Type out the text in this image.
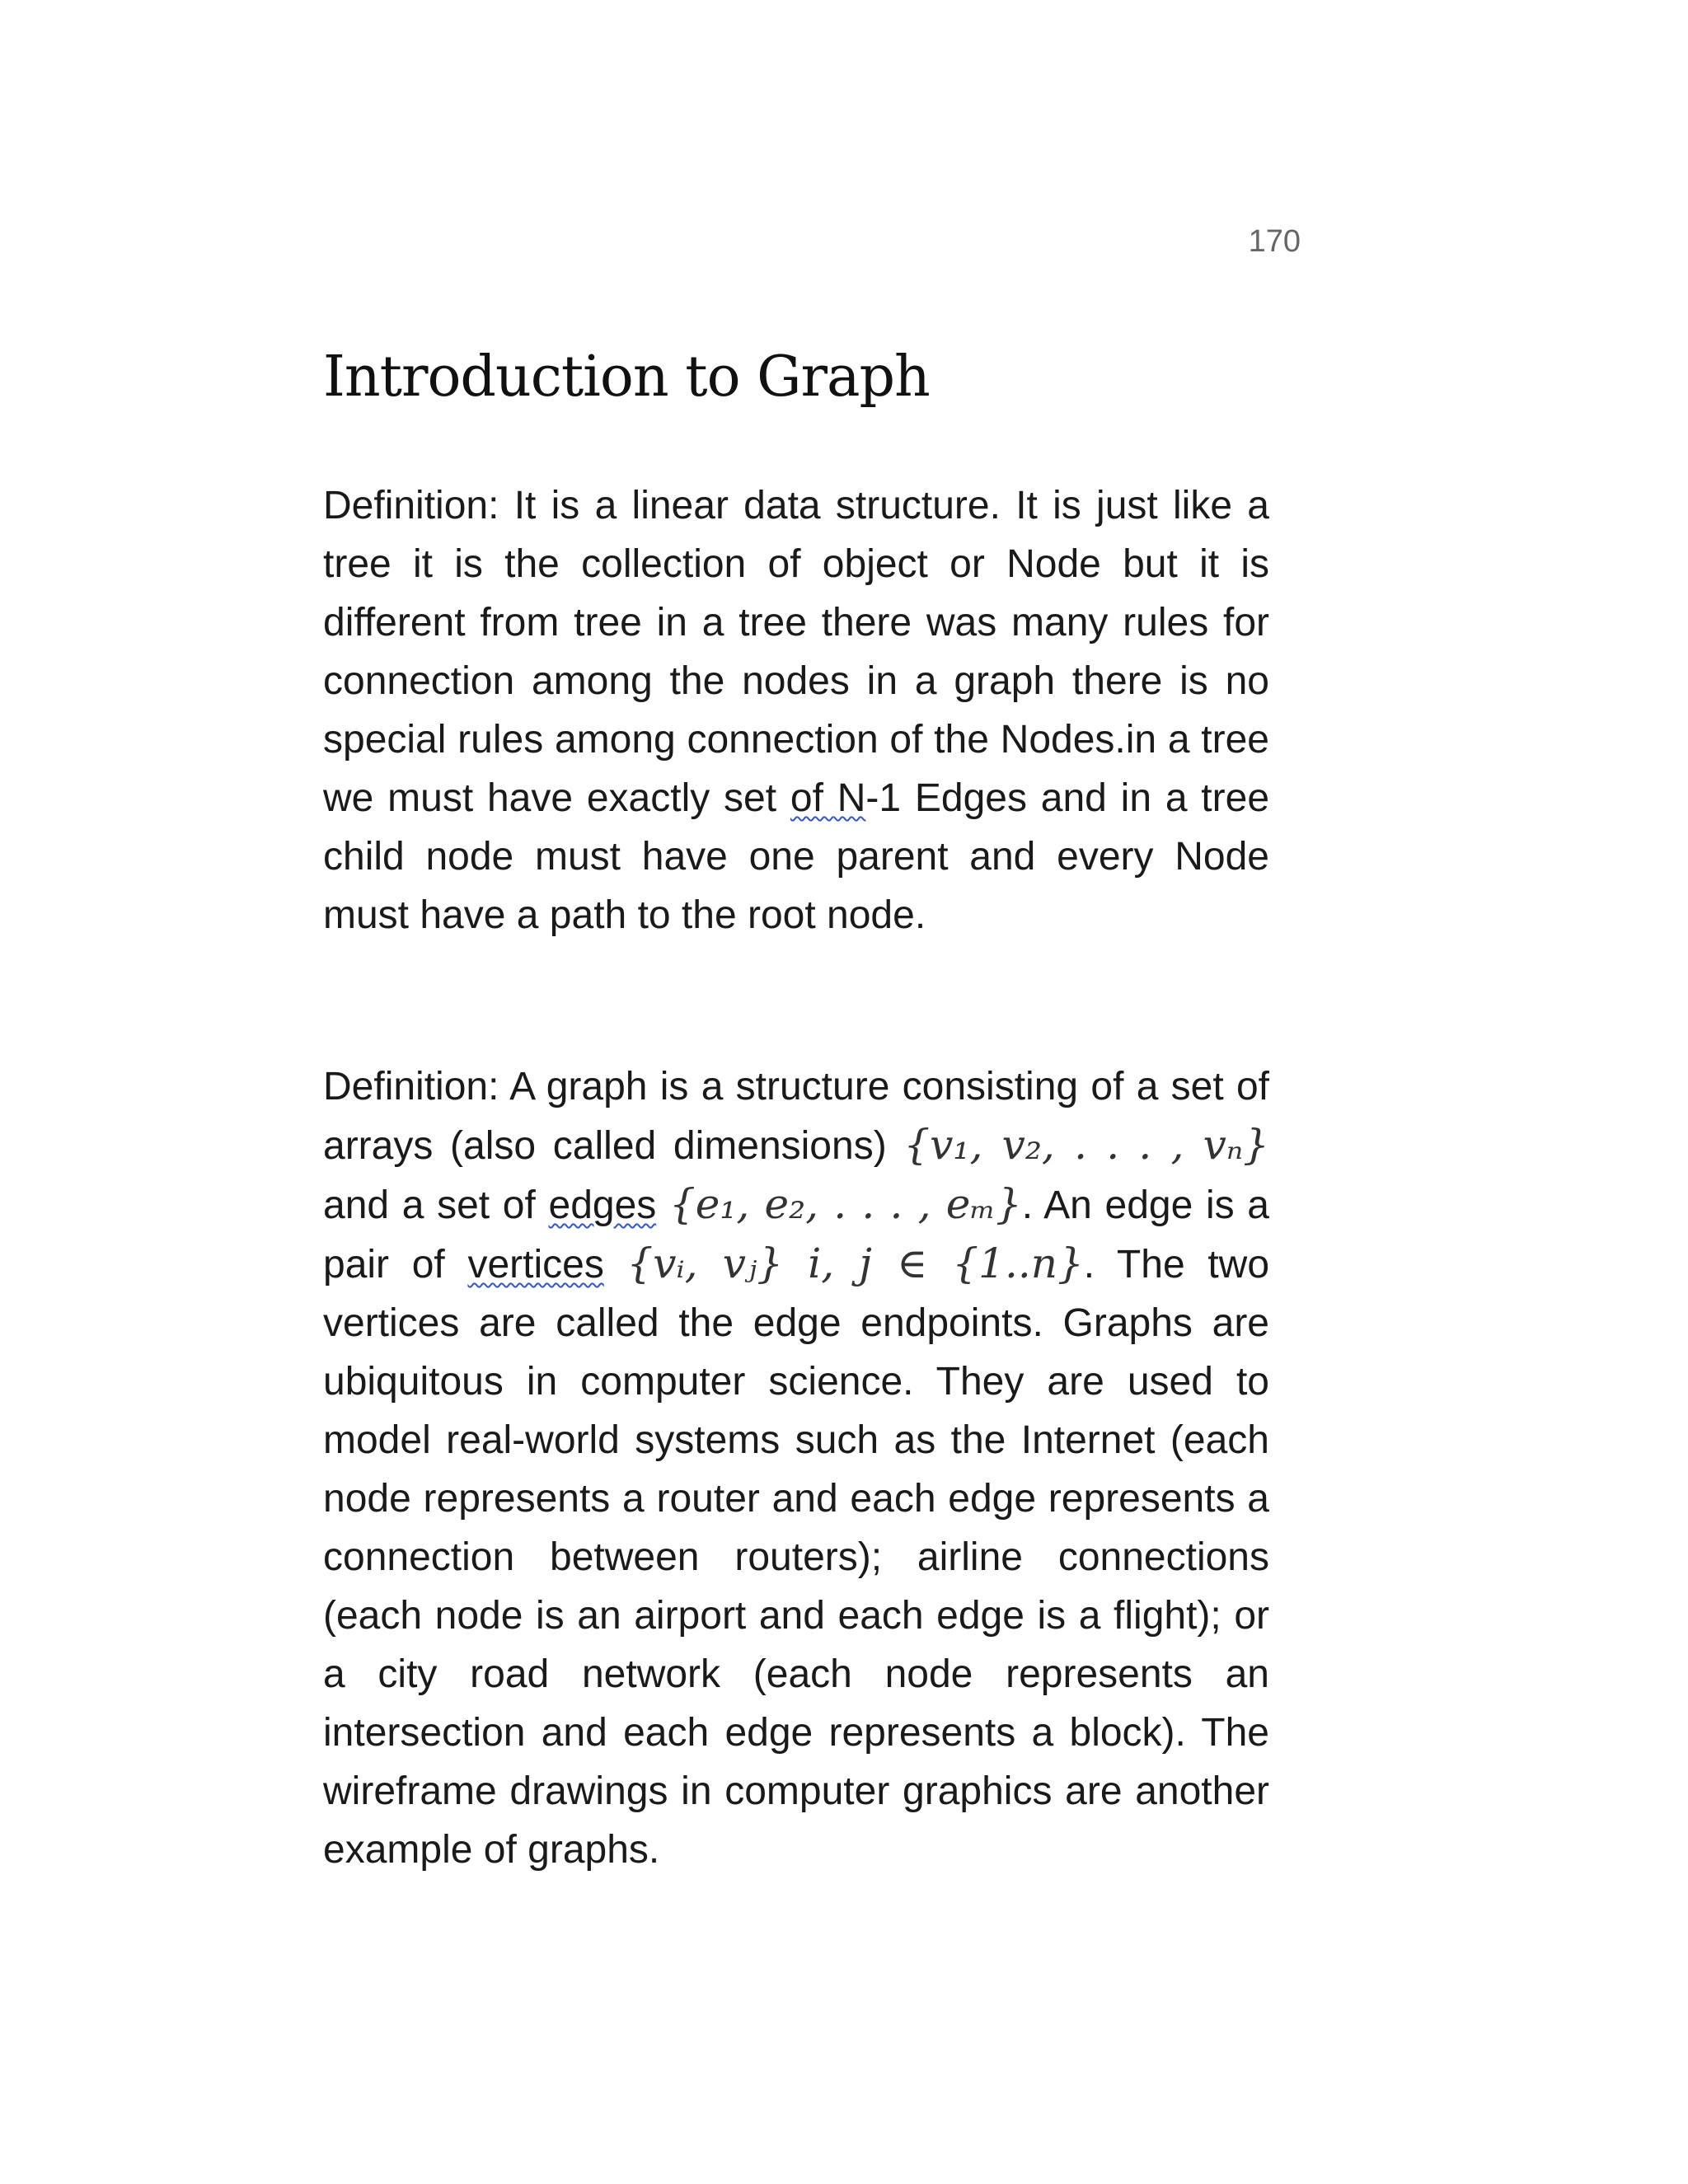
170
Introduction to Graph

Definition: It is a linear data structure. It is just like a tree it is the collection of object or Node but it is different from tree in a tree there was many rules for connection among the nodes in a graph there is no special rules among connection of the Nodes.in a tree we must have exactly set of N-1 Edges and in a tree child node must have one parent and every Node must have a path to the root node.

Definition: A graph is a structure consisting of a set of arrays (also called dimensions) {v₁, v₂, . . . , vₙ} and a set of edges {e₁, e₂, . . . , eₘ}. An edge is a pair of vertices {vᵢ, vⱼ} i, j ∈ {1..n}. The two vertices are called the edge endpoints. Graphs are ubiquitous in computer science. They are used to model real-world systems such as the Internet (each node represents a router and each edge represents a connection between routers); airline connections (each node is an airport and each edge is a flight); or a city road network (each node represents an intersection and each edge represents a block). The wireframe drawings in computer graphics are another example of graphs.
